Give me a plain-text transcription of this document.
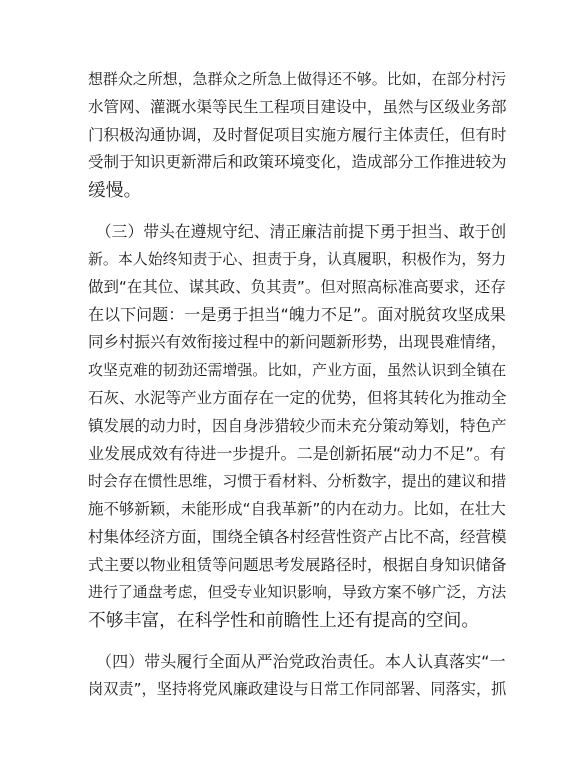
想群众之所想，急群众之所急上做得还不够。比如，在部分村污
水管网、灌溉水渠等民生工程项目建设中，虽然与区级业务部
门积极沟通协调，及时督促项目实施方履行主体责任，但有时
受制于知识更新滞后和政策环境变化，造成部分工作推进较为
缓慢。
　（三）带头在遵规守纪、清正廉洁前提下勇于担当、敢于创
新。本人始终知责于心、担责于身，认真履职，积极作为，努力
做到“在其位、谋其政、负其责”。但对照高标准高要求，还存
在以下问题：一是勇于担当“魄力不足”。面对脱贫攻坚成果
同乡村振兴有效衔接过程中的新问题新形势，出现畏难情绪，
攻坚克难的韧劲还需增强。比如，产业方面，虽然认识到全镇在
石灰、水泥等产业方面存在一定的优势，但将其转化为推动全
镇发展的动力时，因自身涉猎较少而未充分策动筹划，特色产
业发展成效有待进一步提升。二是创新拓展“动力不足”。有
时会存在惯性思维，习惯于看材料、分析数字，提出的建议和措
施不够新颖，未能形成“自我革新”的内在动力。比如，在壮大
村集体经济方面，围绕全镇各村经营性资产占比不高，经营模
式主要以物业租赁等问题思考发展路径时，根据自身知识储备
进行了通盘考虑，但受专业知识影响，导致方案不够广泛，方法
不够丰富，在科学性和前瞻性上还有提高的空间。
　（四）带头履行全面从严治党政治责任。本人认真落实“一
岗双责”，坚持将党风廉政建设与日常工作同部署、同落实，抓
